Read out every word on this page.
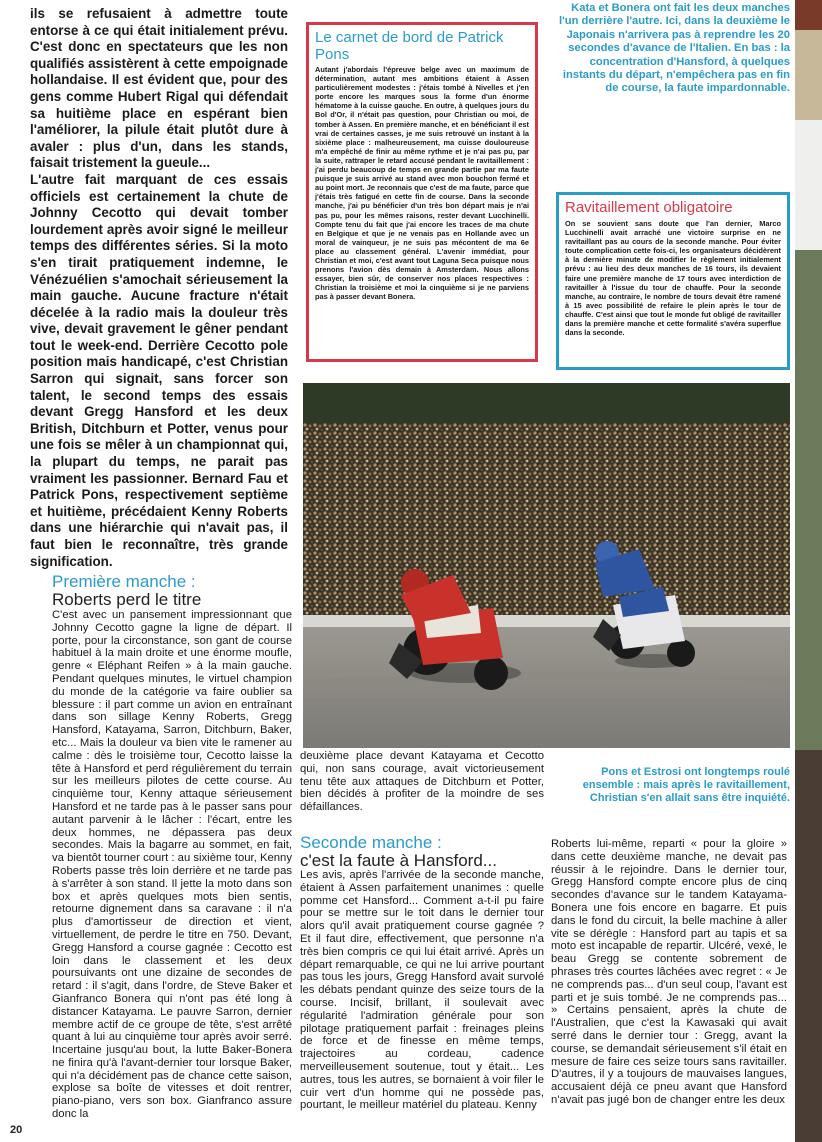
ils se refusaient à admettre toute entorse à ce qui était initialement prévu. C'est donc en spectateurs que les non qualifiés assistèrent à cette empoignade hollandaise. Il est évident que, pour des gens comme Hubert Rigal qui défendait sa huitième place en espérant bien l'améliorer, la pilule était plutôt dure à avaler : plus d'un, dans les stands, faisait tristement la gueule...

L'autre fait marquant de ces essais officiels est certainement la chute de Johnny Cecotto qui devait tomber lourdement après avoir signé le meilleur temps des différentes séries. Si la moto s'en tirait pratiquement indemne, le Vénézuélien s'amochait sérieusement la main gauche. Aucune fracture n'était décelée à la radio mais la douleur très vive, devait gravement le gêner pendant tout le week-end. Derrière Cecotto pole position mais handicapé, c'est Christian Sarron qui signait, sans forcer son talent, le second temps des essais devant Gregg Hansford et les deux British, Ditchburn et Potter, venus pour une fois se mêler à un championnat qui, la plupart du temps, ne parait pas vraiment les passionner. Bernard Fau et Patrick Pons, respectivement septième et huitième, précédaient Kenny Roberts dans une hiérarchie qui n'avait pas, il faut bien le reconnaître, très grande signification.

Première manche :
Roberts perd le titre

C'est avec un pansement impressionnant que Johnny Cecotto gagne la ligne de départ. Il porte, pour la circonstance, son gant de course habituel à la main droite et une énorme moufle, genre « Eléphant Reifen » à la main gauche. Pendant quelques minutes, le virtuel champion du monde de la catégorie va faire oublier sa blessure : il part comme un avion en entraînant dans son sillage Kenny Roberts, Gregg Hansford, Katayama, Sarron, Ditchburn, Baker, etc... Mais la douleur va bien vite le ramener au calme : dès le troisième tour, Cecotto laisse la tête à Hansford et perd régulièrement du terrain sur les meilleurs pilotes de cette course. Au cinquième tour, Kenny attaque sérieusement Hansford et ne tarde pas à le passer sans pour autant parvenir à le lâcher : l'écart, entre les deux hommes, ne dépassera pas deux secondes. Mais la bagarre au sommet, en fait, va bientôt tourner court : au sixième tour, Kenny Roberts passe très loin derrière et ne tarde pas à s'arrêter à son stand. Il jette la moto dans son box et après quelques mots bien sentis, retourne dignement dans sa caravane : il n'a plus d'amortisseur de direction et vient, virtuellement, de perdre le titre en 750. Devant, Gregg Hansford a course gagnée : Cecotto est loin dans le classement et les deux poursuivants ont une dizaine de secondes de retard : il s'agit, dans l'ordre, de Steve Baker et Gianfranco Bonera qui n'ont pas été long à distancer Katayama. Le pauvre Sarron, dernier membre actif de ce groupe de tête, s'est arrêté quant à lui au cinquième tour après avoir serré. Incertaine jusqu'au bout, la lutte Baker-Bonera ne finira qu'à l'avant-dernier tour lorsque Baker, qui n'a décidément pas de chance cette saison, explose sa boîte de vitesses et doit rentrer, piano-piano, vers son box. Gianfranco assure donc la

20
Le carnet de bord de Patrick Pons

Autant j'abordais l'épreuve belge avec un maximum de détermination, autant mes ambitions étaient à Assen particulièrement modestes : j'étais tombé à Nivelles et j'en porte encore les marques sous la forme d'un énorme hématome à la cuisse gauche. En outre, à quelques jours du Bol d'Or, il n'était pas question, pour Christian ou moi, de tomber à Assen. En première manche, et en bénéficiant il est vrai de certaines casses, je me suis retrouvé un instant à la sixième place : malheureusement, ma cuisse douloureuse m'a empêché de finir au même rythme et je n'ai pas pu, par la suite, rattraper le retard accusé pendant le ravitaillement : j'ai perdu beaucoup de temps en grande partie par ma faute puisque je suis arrivé au stand avec mon bouchon fermé et au point mort. Je reconnais que c'est de ma faute, parce que j'étais très fatigué en cette fin de course. Dans la seconde manche, j'ai pu bénéficier d'un très bon départ mais je n'ai pas pu, pour les mêmes raisons, rester devant Lucchinelli. Compte tenu du fait que j'ai encore les traces de ma chute en Belgique et que je ne venais pas en Hollande avec un moral de vainqueur, je ne suis pas mécontent de ma 6e place au classement général. L'avenir immédiat, pour Christian et moi, c'est avant tout Laguna Seca puisque nous prenons l'avion dès demain à Amsterdam. Nous allons essayer, bien sûr, de conserver nos places respectives : Christian la troisième et moi la cinquième si je ne parviens pas à passer devant Bonera.

Kata et Bonera ont fait les deux manches l'un derrière l'autre. Ici, dans la deuxième le Japonais n'arrivera pas à reprendre les 20 secondes d'avance de l'Italien. En bas : la concentration d'Hansford, à quelques instants du départ, n'empêchera pas en fin de course, la faute impardonnable.
Ravitaillement obligatoire

On se souvient sans doute que l'an dernier, Marco Lucchinelli avait arraché une victoire surprise en ne ravitaillant pas au cours de la seconde manche. Pour éviter toute complication cette fois-ci, les organisateurs décidèrent à la dernière minute de modifier le règlement initialement prévu : au lieu des deux manches de 16 tours, ils devaient faire une première manche de 17 tours avec interdiction de ravitailler à l'issue du tour de chauffe. Pour la seconde manche, au contraire, le nombre de tours devait être ramené à 15 avec possibilité de refaire le plein après le tour de chauffe. C'est ainsi que tout le monde fut obligé de ravitailler dans la première manche et cette formalité s'avéra superflue dans la seconde.

Pons et Estrosi ont longtemps roulé ensemble : mais après le ravitaillement, Christian s'en allait sans être inquiété.

deuxième place devant Katayama et Cecotto qui, non sans courage, avait victorieusement tenu tête aux attaques de Ditchburn et Potter, bien décidés à profiter de la moindre de ses défaillances.

Seconde manche :
c'est la faute à Hansford...

Les avis, après l'arrivée de la seconde manche, étaient à Assen parfaitement unanimes : quelle pomme cet Hansford... Comment a-t-il pu faire pour se mettre sur le toit dans le dernier tour alors qu'il avait pratiquement course gagnée ? Et il faut dire, effectivement, que personne n'a très bien compris ce qui lui était arrivé. Après un départ remarquable, ce qui ne lui arrive pourtant pas tous les jours, Gregg Hansford avait survolé les débats pendant quinze des seize tours de la course. Incisif, brillant, il soulevait avec régularité l'admiration générale pour son pilotage pratiquement parfait : freinages pleins de force et de finesse en même temps, trajectoires au cordeau, cadence merveilleusement soutenue, tout y était... Les autres, tous les autres, se bornaient à voir filer le cuir vert d'un homme qui ne possède pas, pourtant, le meilleur matériel du plateau. Kenny

Roberts lui-même, reparti « pour la gloire » dans cette deuxième manche, ne devait pas réussir à le rejoindre. Dans le dernier tour, Gregg Hansford compte encore plus de cinq secondes d'avance sur le tandem Katayama-Bonera une fois encore en bagarre. Et puis dans le fond du circuit, la belle machine à aller vite se dérègle : Hansford part au tapis et sa moto est incapable de repartir. Ulcéré, vexé, le beau Gregg se contente sobrement de phrases très courtes lâchées avec regret : « Je ne comprends pas... d'un seul coup, l'avant est parti et je suis tombé. Je ne comprends pas... » Certains pensaient, après la chute de l'Australien, que c'est la Kawasaki qui avait serré dans le dernier tour : Gregg, avant la course, se demandait sérieusement s'il était en mesure de faire ces seize tours sans ravitailler. D'autres, il y a toujours de mauvaises langues, accusaient déjà ce pneu avant que Hansford n'avait pas jugé bon de changer entre les deux
